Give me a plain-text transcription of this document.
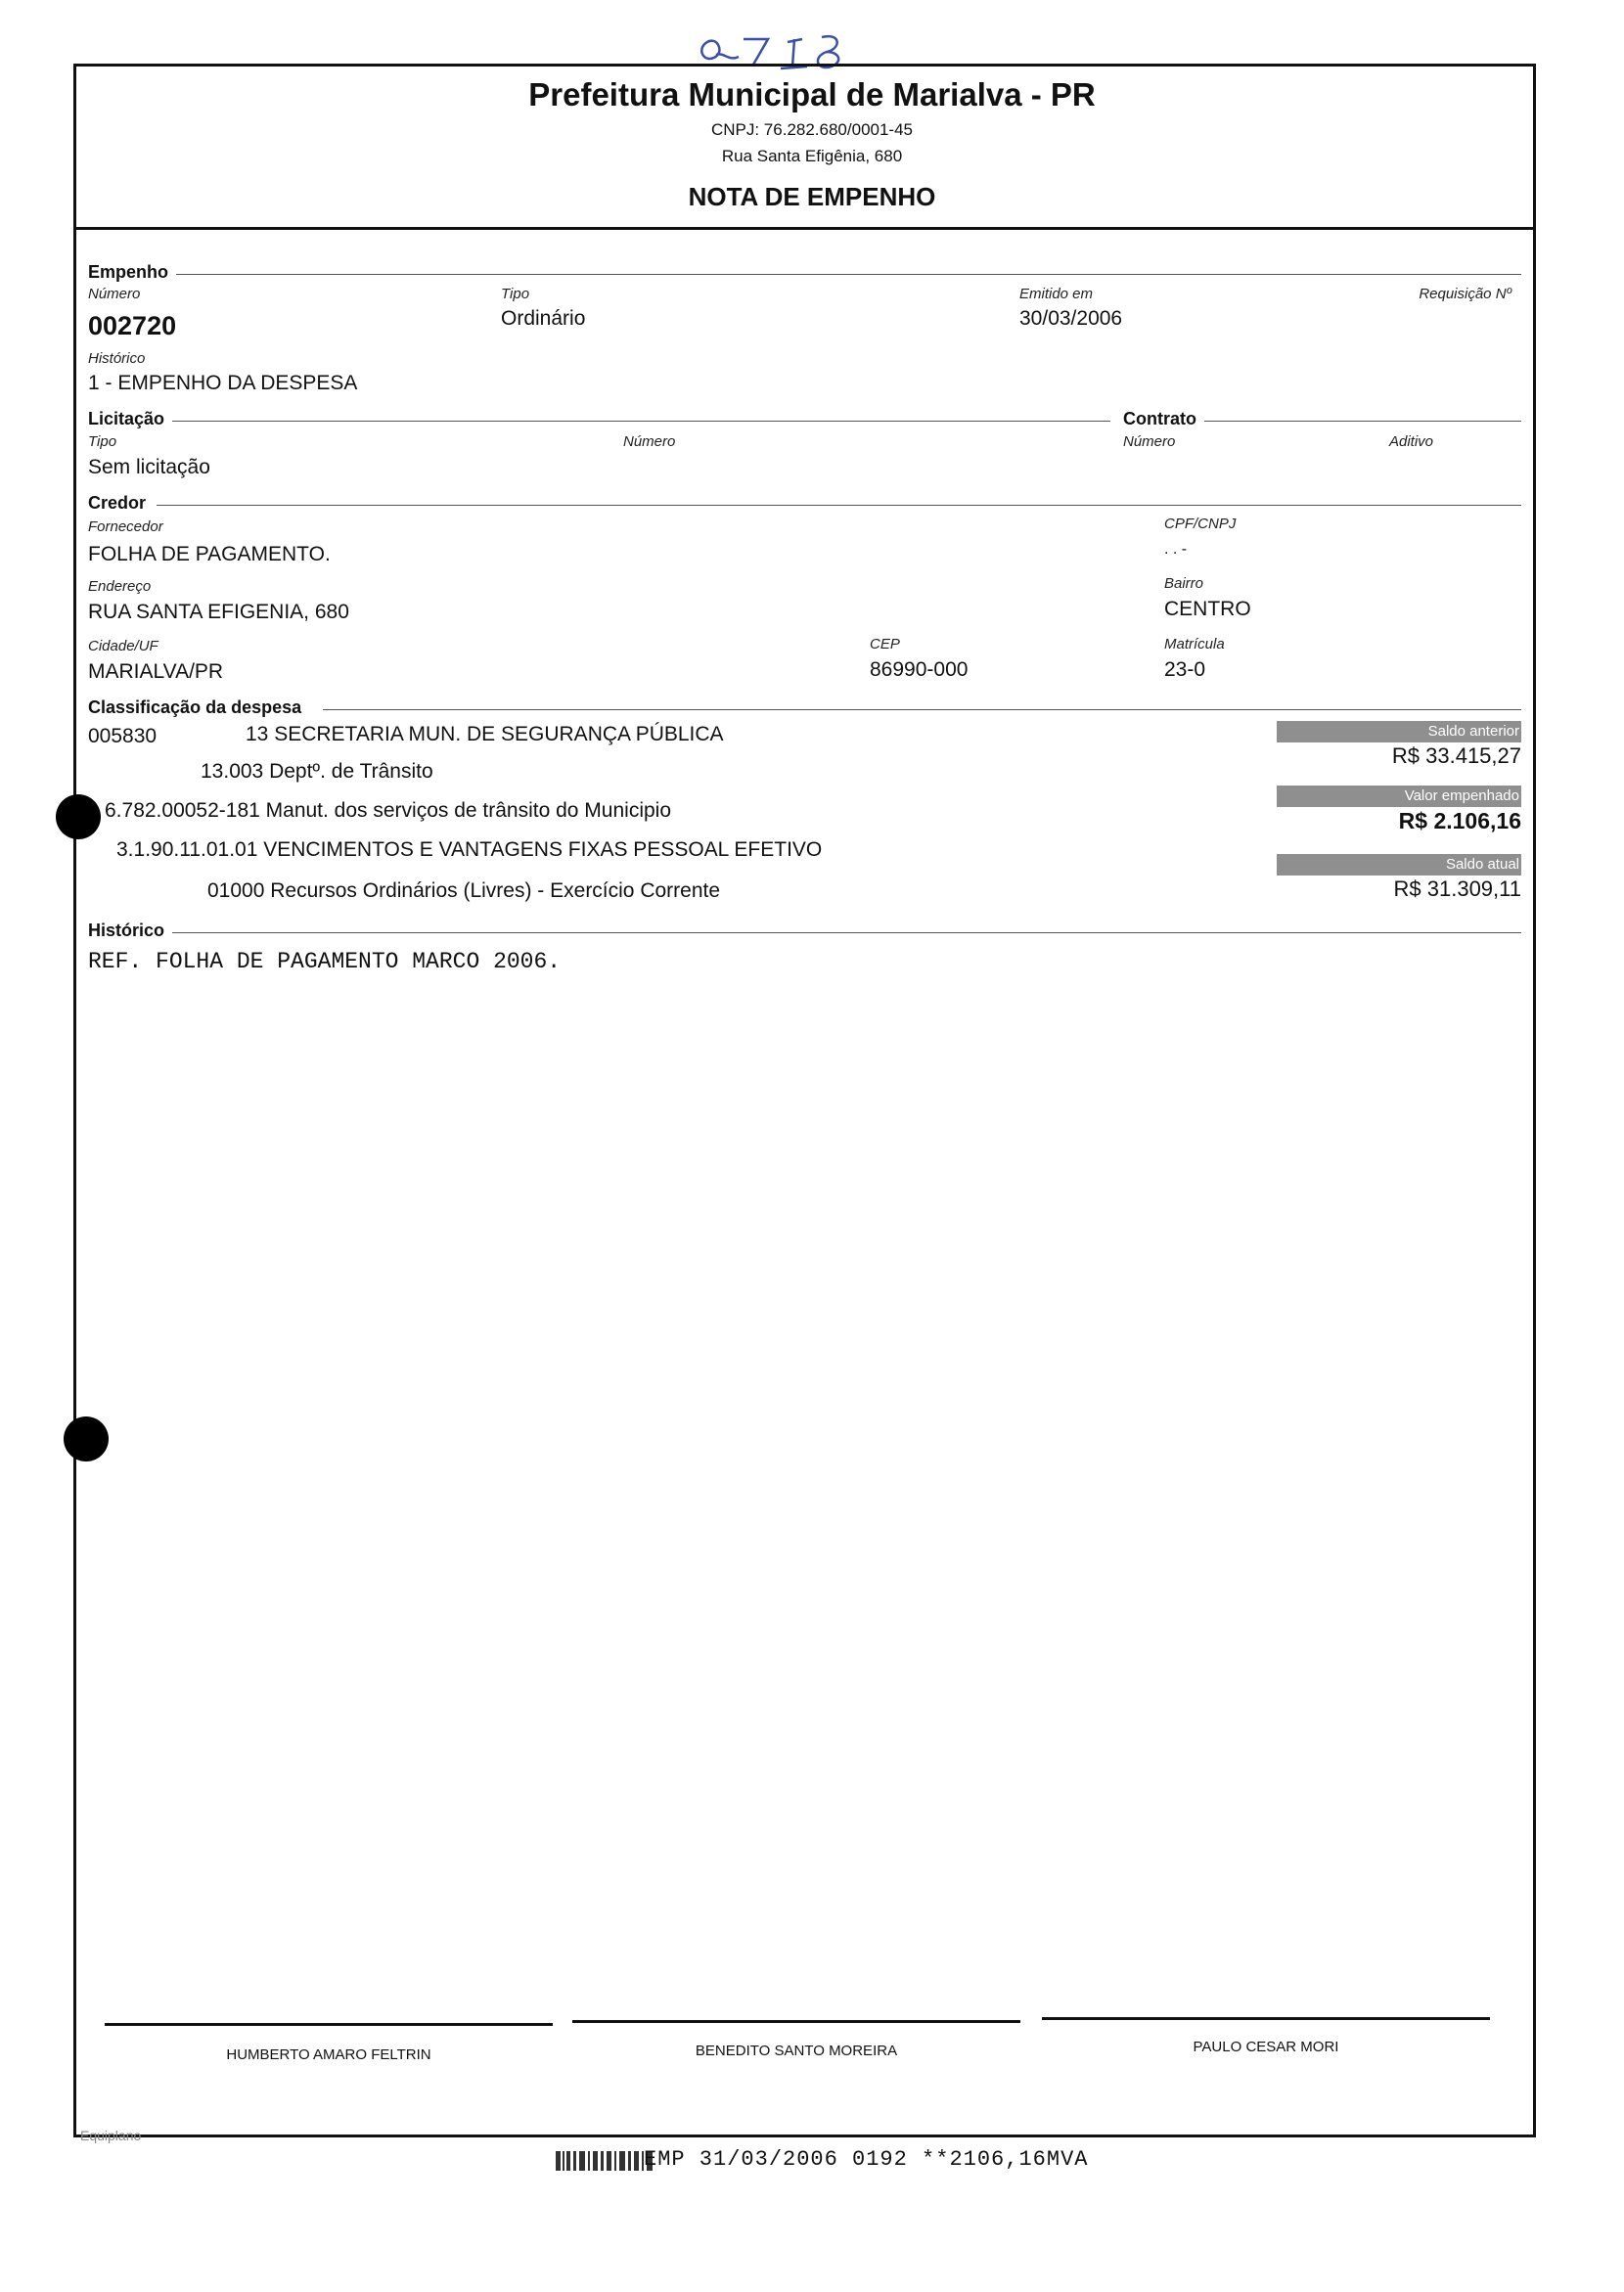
Prefeitura Municipal de Marialva - PR
CNPJ: 76.282.680/0001-45
Rua Santa Efigênia, 680
NOTA DE EMPENHO
Empenho
Número
002720
Tipo
Ordinário
Emitido em
30/03/2006
Requisição Nº
Histórico
1 - EMPENHO DA DESPESA
Licitação	Contrato
Tipo
Sem licitação
Número	Número	Aditivo
Credor
Fornecedor
FOLHA DE PAGAMENTO.
CPF/CNPJ
. . -
Endereço
RUA SANTA EFIGENIA, 680
Bairro
CENTRO
Cidade/UF
MARIALVA/PR
CEP
86990-000
Matrícula
23-0
Classificação da despesa
005830	13 SECRETARIA MUN. DE SEGURANÇA PÚBLICA
13.003 Deptº. de Trânsito
6.782.00052-181 Manut. dos serviços de trânsito do Municipio
3.1.90.11.01.01 VENCIMENTOS E VANTAGENS FIXAS PESSOAL EFETIVO
01000 Recursos Ordinários (Livres) - Exercício Corrente
Saldo anterior
R$ 33.415,27
Valor empenhado
R$ 2.106,16
Saldo atual
R$ 31.309,11
Histórico
REF. FOLHA DE PAGAMENTO MARCO 2006.
HUMBERTO AMARO FELTRIN	BENEDITO SANTO MOREIRA	PAULO CESAR MORI
Equiplano
EMP 31/03/2006 0192 **2106,16MVA
